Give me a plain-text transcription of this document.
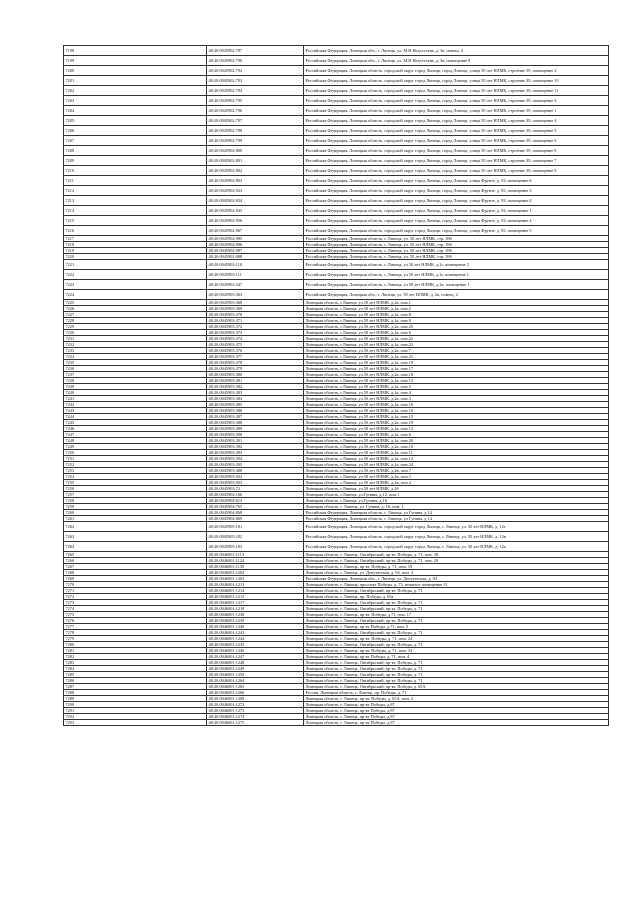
7198	48:20:0045902:787	Российская Федерация, Липецкая обл., г. Липецк, ул. М.И.Недостоева, д. 3в, помещ. 4
7199	48:20:0045902:790	Российская Федерация, Липецкая обл., г. Липецк, ул. М.И.Недостоева, д. 3в, помещение 8
7200	48:20:0045902:792	Российская Федерация, Липецкая область, городской округ город Липецк, город Липецк, улица 50 лет НЛМК, строение 39, помещение 2
7201	48:20:0045902:793	Российская Федерация, Липецкая область, городской округ город Липецк, город Липецк, улица 50 лет НЛМК, строение 39, помещение 10
7202	48:20:0045902:794	Российская Федерация, Липецкая область, городской округ город Липецк, город Липецк, улица 50 лет НЛМК, строение 39, помещение 11
7203	48:20:0045902:795	Российская Федерация, Липецкая область, городской округ город Липецк, город Липецк, улица 50 лет НЛМК, строение 39, помещение 3
7204	48:20:0045902:796	Российская Федерация, Липецкая область, городской округ город Липецк, город Липецк, улица 50 лет НЛМК, строение 39, помещение 1
7205	48:20:0045902:797	Российская Федерация, Липецкая область, городской округ город Липецк, город Липецк, улица 50 лет НЛМК, строение 39, помещение 4
7206	48:20:0045902:798	Российская Федерация, Липецкая область, городской округ город Липецк, город Липецк, улица 50 лет НЛМК, строение 39, помещение 5
7207	48:20:0045902:799	Российская Федерация, Липецкая область, городской округ город Липецк, город Липецк, улица 50 лет НЛМК, строение 39, помещение 6
7208	48:20:0045902:800	Российская Федерация, Липецкая область, городской округ город Липецк, город Липецк, улица 50 лет НЛМК, строение 39, помещение 8
7209	48:20:0045902:801	Российская Федерация, Липецкая область, городской округ город Липецк, город Липецк, улица 50 лет НЛМК, строение 39, помещение 7
7210	48:20:0045902:802	Российская Федерация, Липецкая область, городской округ город Липецк, город Липецк, улица 50 лет НЛМК, строение 39, помещение 9
7211	48:20:0045902:803	Российская Федерация, Липецкая область, городской округ город Липецк, город Липецк, улица Фрунзе, д. 83, помещение 6
7212	48:20:0045902:923	Российская Федерация, Липецкая область, городской округ город Липецк, город Липецк, улица Фрунзе, д. 83, помещение 3
7213	48:20:0045902:924	Российская Федерация, Липецкая область, городской округ город Липецк, город Липецк, улица Фрунзе, д. 83, помещение 2
7214	48:20:0045902:945	Российская Федерация, Липецкая область, городской округ город Липецк, город Липецк, улица Фрунзе, д. 83, помещение 1
7215	48:20:0045902:956	Российская Федерация, Липецкая область, городской округ город Липецк, город Липецк, улица Фрунзе, д. 83, помещение 4
7216	48:20:0045902:967	Российская Федерация, Липецкая область, городской округ город Липецк, город Липецк, улица Фрунзе, д. 83, помещение 5
7217	48:20:0045902:985	Российская Федерация, Липецкая область, г. Липецк, ул. 50 лет НЛМК, стр. 39б
7218	48:20:0045902:986	Российская Федерация, Липецкая область, г. Липецк, ул. 50 лет НЛМК, стр. 39б
7219	48:20:0045902:987	Российская Федерация, Липецкая область, г. Липецк, ул. 50 лет НЛМК, стр. 39б
7220	48:20:0045902:988	Российская Федерация, Липецкая область, г. Липецк, ул. 50 лет НЛМК, стр. 39б
7221	48:20:0045903:110	Российская Федерация, Липецкая область, г. Липецк, ул 50 лет НЛМК, д.2г, помещение 2
7222	48:20:0045903:111	Российская Федерация, Липецкая область, г. Липецк, ул 50 лет НЛМК, д.2г, помещение 1
7223	48:20:0045903:347	Российская Федерация, Липецкая область, г. Липецк, ул 50 лет НЛМК, д.2а, помещение 1
7224	48:20:0045903:363	Российская Федерация, Липецкая обл., г. Липецк, ул. 50 лет НЛМК, д. 2в, помещ. 2
7225	48:20:0045903:368	Липецкая область, г.Липецк, ул.50 лет НЛМК, д.2а, пом.1
7226	48:20:0045903:369	Липецкая область, г.Липецк, ул.50 лет НЛМК, д.2а, пом.2
7227	48:20:0045903:370	Липецкая область, г.Липецк, ул.50 лет НЛМК, д.2а, пом.8
7228	48:20:0045903:371	Липецкая область, г.Липецк, ул.50 лет НЛМК, д.2а, пом.9
7229	48:20:0045903:372	Липецкая область, г.Липецк, ул.50 лет НЛМК, д.2а, пом.25
7230	48:20:0045903:373	Липецкая область, г.Липецк, ул.50 лет НЛМК, д.2а, пом.6
7231	48:20:0045903:374	Липецкая область, г.Липецк, ул.50 лет НЛМК, д.2а, пом.22
7232	48:20:0045903:375	Липецкая область, г.Липецк, ул.50 лет НЛМК, д.2а, пом.23
7233	48:20:0045903:376	Липецкая область, г.Липецк, ул.50 лет НЛМК, д.2а, пом.7
7234	48:20:0045903:377	Липецкая область, г.Липецк, ул.50 лет НЛМК, д.2а, пом.21
7235	48:20:0045903:378	Липецкая область, г.Липецк, ул.50 лет НЛМК, д.2а, пом.19
7236	48:20:0045903:379	Липецкая область, г.Липецк, ул.50 лет НЛМК, д.2а, пом.17
7237	48:20:0045903:380	Липецкая область, г.Липецк, ул.50 лет НЛМК, д.2а, пом.18
7238	48:20:0045903:381	Липецкая область, г.Липецк, ул.50 лет НЛМК, д.2а, пом.13
7239	48:20:0045903:382	Липецкая область, г.Липецк, ул.50 лет НЛМК, д.2а, пом.5
7240	48:20:0045903:383	Липецкая область, г.Липецк, ул.50 лет НЛМК, д.2а, пом.4
7241	48:20:0045903:384	Липецкая область, г.Липецк, ул.50 лет НЛМК, д.2а, пом.3
7242	48:20:0045903:385	Липецкая область, г.Липецк, ул.50 лет НЛМК, д.2а, пом.16
7243	48:20:0045903:386	Липецкая область, г.Липецк, ул.50 лет НЛМК, д.2а, пом.10
7244	48:20:0045903:387	Липецкая область, г.Липецк, ул.50 лет НЛМК, д.2а, пом.15
7245	48:20:0045903:388	Липецкая область, г.Липецк, ул.50 лет НЛМК, д.2а, пом.19
7246	48:20:0045903:389	Липецкая область, г.Липецк, ул.50 лет НЛМК, д.2а, пом.14
7247	48:20:0045903:390	Липецкая область, г.Липецк, ул.50 лет НЛМК, д.2а, пом.6
7248	48:20:0045903:391	Липецкая область, г.Липецк, ул.50 лет НЛМК, д.2а, пом.20
7249	48:20:0045903:392	Липецкая область, г.Липецк, ул.50 лет НЛМК, д.2а, пом.10
7250	48:20:0045903:393	Липецкая область, г.Липецк, ул.50 лет НЛМК, д.2а, пом.11
7251	48:20:0045903:394	Липецкая область, г.Липецк, ул.50 лет НЛМК, д.2а, пом.12
7252	48:20:0045903:395	Липецкая область, г.Липецк, ул.50 лет НЛМК, д.2а, пом.24
7253	48:20:0045903:488	Липецкая область, г.Липецк, ул.50 лет НЛМК, д.2в, пом.7
7254	48:20:0045903:502	Липецкая область, г.Липецк, ул.50 лет НЛМК, д.2в, пом.1
7255	48:20:0045903:503	Липецкая область, г.Липецк, ул.50 лет НЛМК, д.2в, пом.2
7256	48:20:0045903:72	Липецкая область, г.Липецк, ул.50 лет НЛМК, д.2б
7257	48:20:0045904:166	Липецкая область, г.Липецк, ул.Гунина, д.12, пом.1
7258	48:20:0045904:613	Липецкая область, г.Липецк, ул.Гунина, д.16
7259	48:20:0045904:765	Липецкая область, г. Липецк, ул. Гунина, д. 16, пом. 1
7260	48:20:0045904:868	Российская Федерация, Липецкая область, г. Липецк, ул Гунина, д 14
7261	48:20:0045904:869	Российская Федерация, Липецкая область, г. Липецк, ул Гунина, д 14
7262	48:20:0045905:181	Российская Федерация, Липецкая область, городской округ город Липецк, г. Липецк, ул. 50 лет НЛМК, д. 12г
7263	48:20:0045905:182	Российская Федерация, Липецкая область, городской округ город Липецк, г. Липецк, ул. 50 лет НЛМК, д. 12в
7264	48:20:0045905:183	Российская Федерация, Липецкая область, городской округ город Липецк, г. Липецк, ул. 50 лет НЛМК, д. 12а
7265	48:20:0046001:1113	Липецкая область, г. Липецк, Октябрьский, пр-кт. Победы, д. 71, пом. 38
7266	48:20:0046001:1124	Липецкая область, г. Липецк, Октябрьский, пр-кт. Победы, д. 71, пом. 20
7267	48:20:0046001:1135	Липецкая область, г. Липецк, пр-кт. Победы, д. 71, пом. 19
7268	48:20:0046001:1202	Липецкая область, г. Липецк, ул. Депутатская, д. 94, пом. 3
7269	48:20:0046001:1203	Российская Федерация, Липецкая обл., г. Липецк, ул. Депутатская, д. 94
7270	48:20:0046001:1213	Липецкая область, г. Липецк, проспект Победы, д. 73, нежилое помещение 31
7271	48:20:0046001:1214	Липецкая область, г. Липецк, Октябрьский, пр-кт. Победы, д. 71
7272	48:20:0046001:1215	Липецкая область, г. Липецк, пр. Победы, д. 65а
7273	48:20:0046001:1217	Липецкая область, г. Липецк, Октябрьский, пр-кт. Победы, д. 71
7274	48:20:0046001:1218	Липецкая область, г. Липецк, Октябрьский, пр-кт. Победы, д. 71
7275	48:20:0046001:1238	Липецкая область, г. Липецк, пр-кт. Победы, д.71, пом. 17
7276	48:20:0046001:1239	Липецкая область, г. Липецк, Октябрьский, пр-кт. Победы, д. 71
7277	48:20:0046001:1240	Липецкая область, г. Липецк, пр-кт Победы, д.71, пом. 5
7278	48:20:0046001:1242	Липецкая область, г. Липецк, Октябрьский, пр-кт. Победы, д. 71
7279	48:20:0046001:1244	Липецкая область, г. Липецк, пр-кт. Победы, д. 71, пом. 24
7280	48:20:0046001:1245	Липецкая область, г. Липецк, Октябрьский, пр-кт. Победы, д. 71
7281	48:20:0046001:1246	Липецкая область, г. Липецк, пр-кт. Победы, д. 71, пом. 33
7282	48:20:0046001:1247	Липецкая область, г. Липецк, пр-кт Победы, д. 71, пом. 4
7283	48:20:0046001:1248	Липецкая область, г. Липецк, Октябрьский, пр-кт. Победы, д. 71
7284	48:20:0046001:1249	Липецкая область, г. Липецк, Октябрьский, пр-кт. Победы, д. 71
7285	48:20:0046001:1250	Липецкая область, г. Липецк, Октябрьский, пр-кт. Победы, д. 71
7286	48:20:0046001:1264	Липецкая область, г. Липецк, Октябрьский, пр-кт. Победы, д. 71
7287	48:20:0046001:1265	Липецкая область, г. Липецк, Октябрьский, пр-кт. Победы, д. 65А
7288	48:20:0046001:1266	Россия, Липецкая область, г. Липецк, пр. Победы, д. 71
7289	48:20:0046001:1268	Липецкая область, г. Липецк, пр-кт. Победы, д. 65А, пом. 2
7290	48:20:0046001:1272	Липецкая область, г. Липецк, пр-кт Победы, д.87
7291	48:20:0046001:1273	Липецкая область, г. Липецк, пр-кт Победы, д.87
7292	48:20:0046001:1274	Липецкая область, г. Липецк, пр-кт Победы, д.87
7293	48:20:0046001:1275	Липецкая область, г. Липецк, пр-кт Победы, д.87
